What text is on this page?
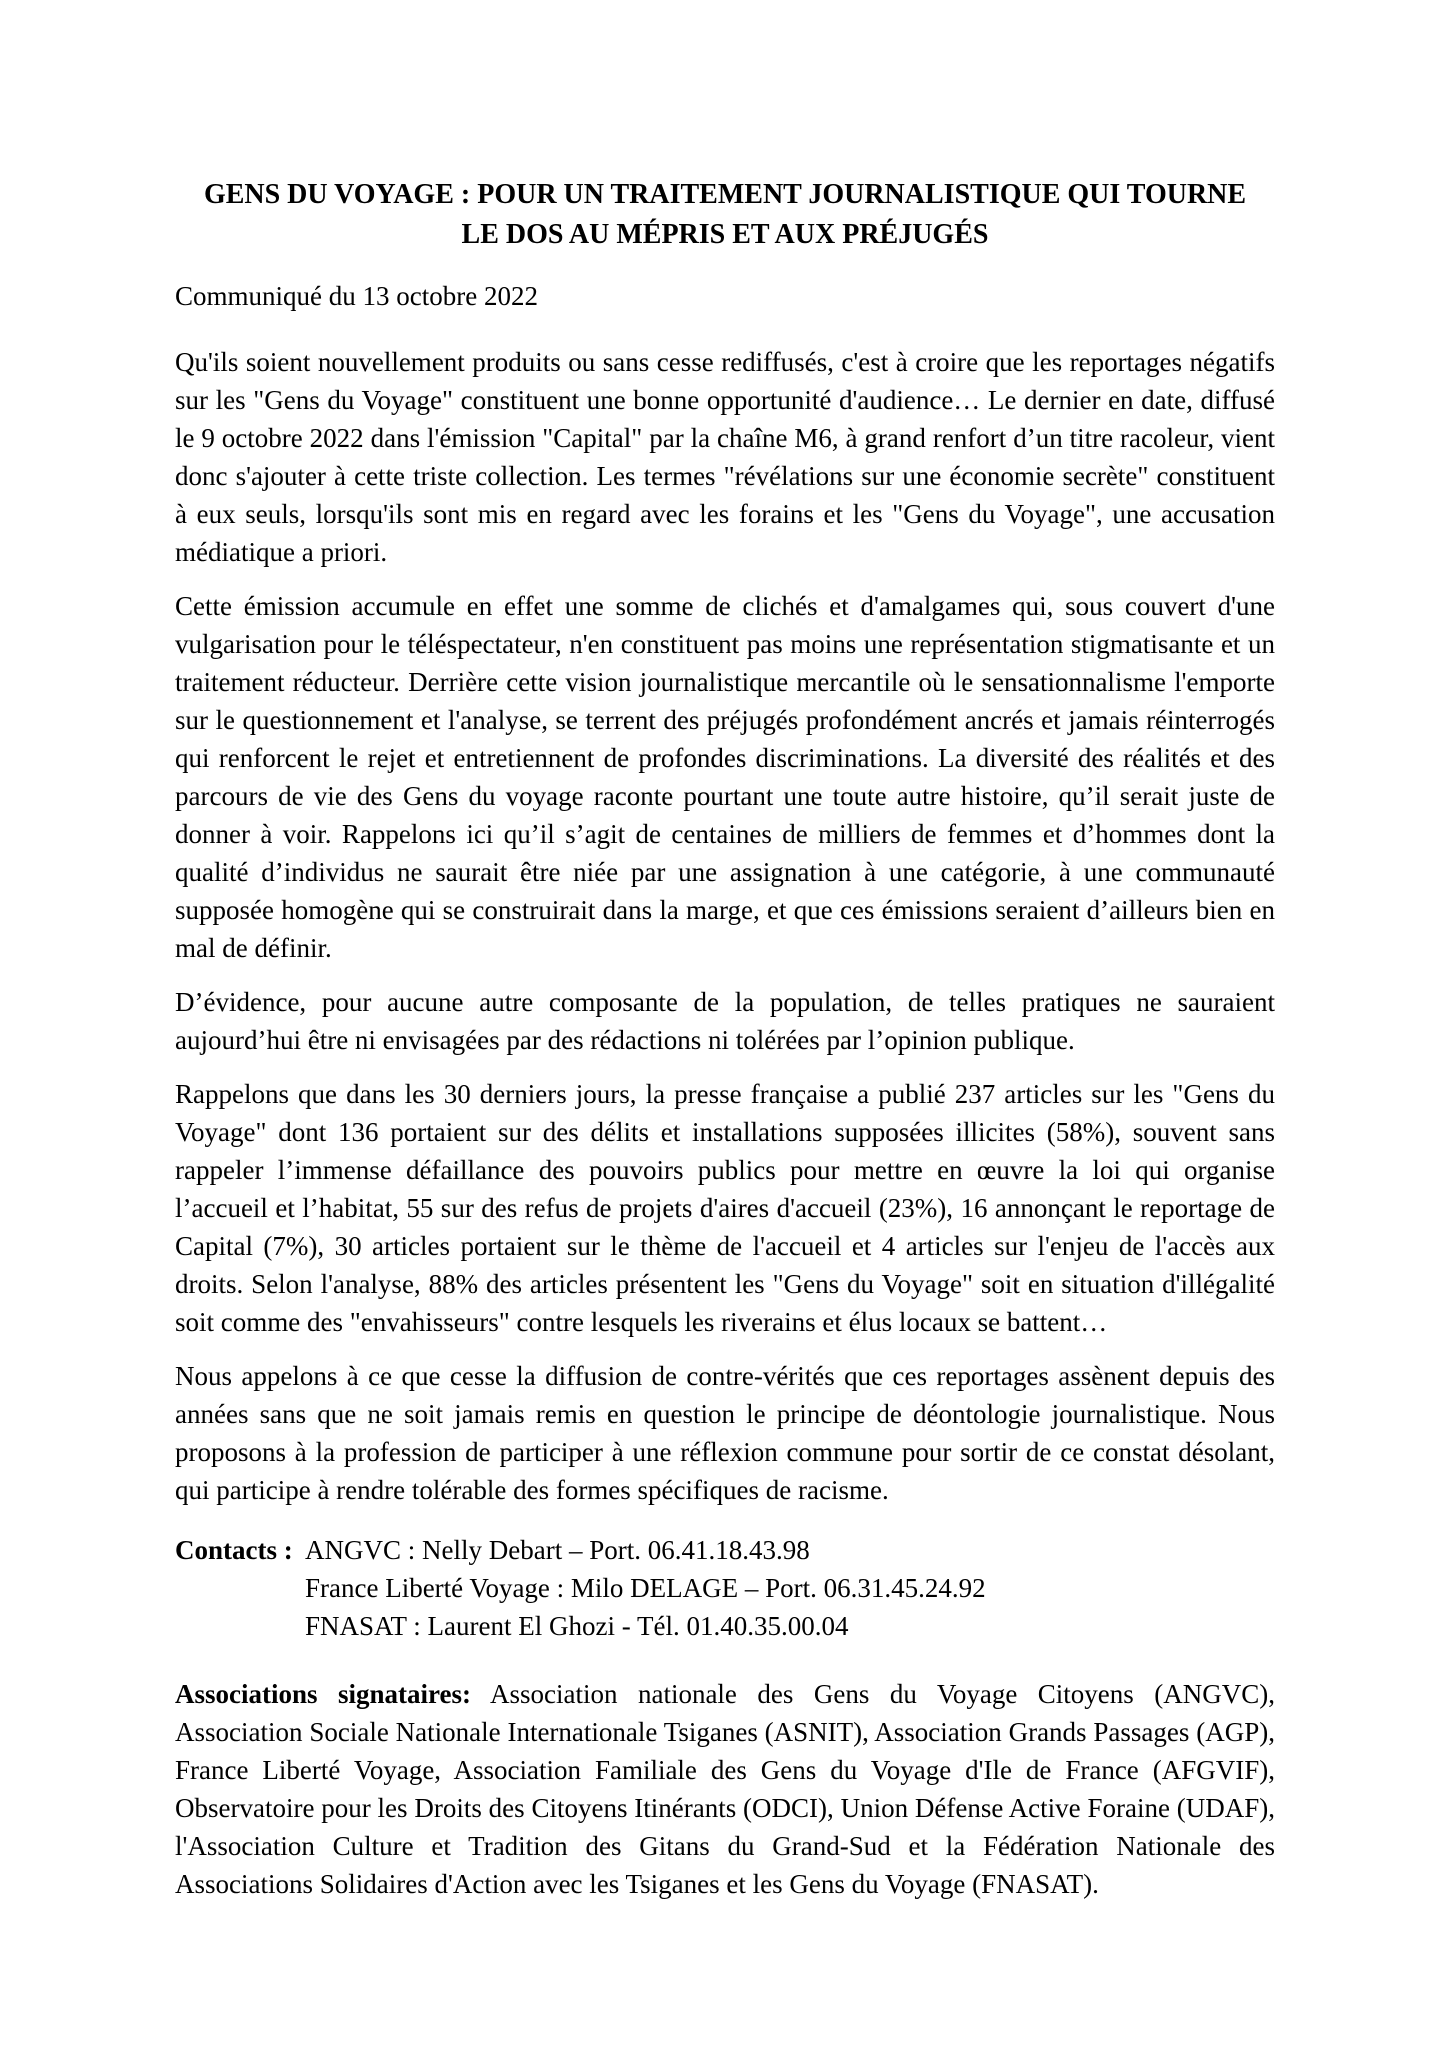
GENS DU VOYAGE : POUR UN TRAITEMENT JOURNALISTIQUE QUI TOURNE
LE DOS AU MÉPRIS ET AUX PRÉJUGÉS
Communiqué du 13 octobre 2022

Qu'ils soient nouvellement produits ou sans cesse rediffusés, c'est à croire que les reportages négatifs sur les "Gens du Voyage" constituent une bonne opportunité d'audience… Le dernier en date, diffusé le 9 octobre 2022 dans l'émission "Capital" par la chaîne M6, à grand renfort d’un titre racoleur, vient donc s'ajouter à cette triste collection. Les termes "révélations sur une économie secrète" constituent à eux seuls, lorsqu'ils sont mis en regard avec les forains et les "Gens du Voyage", une accusation médiatique a priori.

Cette émission accumule en effet une somme de clichés et d'amalgames qui, sous couvert d'une vulgarisation pour le téléspectateur, n'en constituent pas moins une représentation stigmatisante et un traitement réducteur. Derrière cette vision journalistique mercantile où le sensationnalisme l'emporte sur le questionnement et l'analyse, se terrent des préjugés profondément ancrés et jamais réinterrogés qui renforcent le rejet et entretiennent de profondes discriminations. La diversité des réalités et des parcours de vie des Gens du voyage raconte pourtant une toute autre histoire, qu’il serait juste de donner à voir. Rappelons ici qu’il s’agit de centaines de milliers de femmes et d’hommes dont la qualité d’individus ne saurait être niée par une assignation à une catégorie, à une communauté supposée homogène qui se construirait dans la marge, et que ces émissions seraient d’ailleurs bien en mal de définir.

D’évidence, pour aucune autre composante de la population, de telles pratiques ne sauraient aujourd’hui être ni envisagées par des rédactions ni tolérées par l’opinion publique.

Rappelons que dans les 30 derniers jours, la presse française a publié 237 articles sur les "Gens du Voyage" dont 136 portaient sur des délits et installations supposées illicites (58%), souvent sans rappeler l’immense défaillance des pouvoirs publics pour mettre en œuvre la loi qui organise l’accueil et l’habitat, 55 sur des refus de projets d'aires d'accueil (23%), 16 annonçant le reportage de Capital (7%), 30 articles portaient sur le thème de l'accueil et 4 articles sur l'enjeu de l'accès aux droits. Selon l'analyse, 88% des articles présentent les "Gens du Voyage" soit en situation d'illégalité soit comme des "envahisseurs" contre lesquels les riverains et élus locaux se battent…

Nous appelons à ce que cesse la diffusion de contre-vérités que ces reportages assènent depuis des années sans que ne soit jamais remis en question le principe de déontologie journalistique. Nous proposons à la profession de participer à une réflexion commune pour sortir de ce constat désolant, qui participe à rendre tolérable des formes spécifiques de racisme.

Contacts : ANGVC : Nelly Debart – Port. 06.41.18.43.98
France Liberté Voyage : Milo DELAGE – Port. 06.31.45.24.92
FNASAT : Laurent El Ghozi - Tél. 01.40.35.00.04

Associations signataires: Association nationale des Gens du Voyage Citoyens (ANGVC), Association Sociale Nationale Internationale Tsiganes (ASNIT), Association Grands Passages (AGP), France Liberté Voyage, Association Familiale des Gens du Voyage d'Ile de France (AFGVIF), Observatoire pour les Droits des Citoyens Itinérants (ODCI), Union Défense Active Foraine (UDAF), l'Association Culture et Tradition des Gitans du Grand-Sud et la Fédération Nationale des Associations Solidaires d'Action avec les Tsiganes et les Gens du Voyage (FNASAT).
